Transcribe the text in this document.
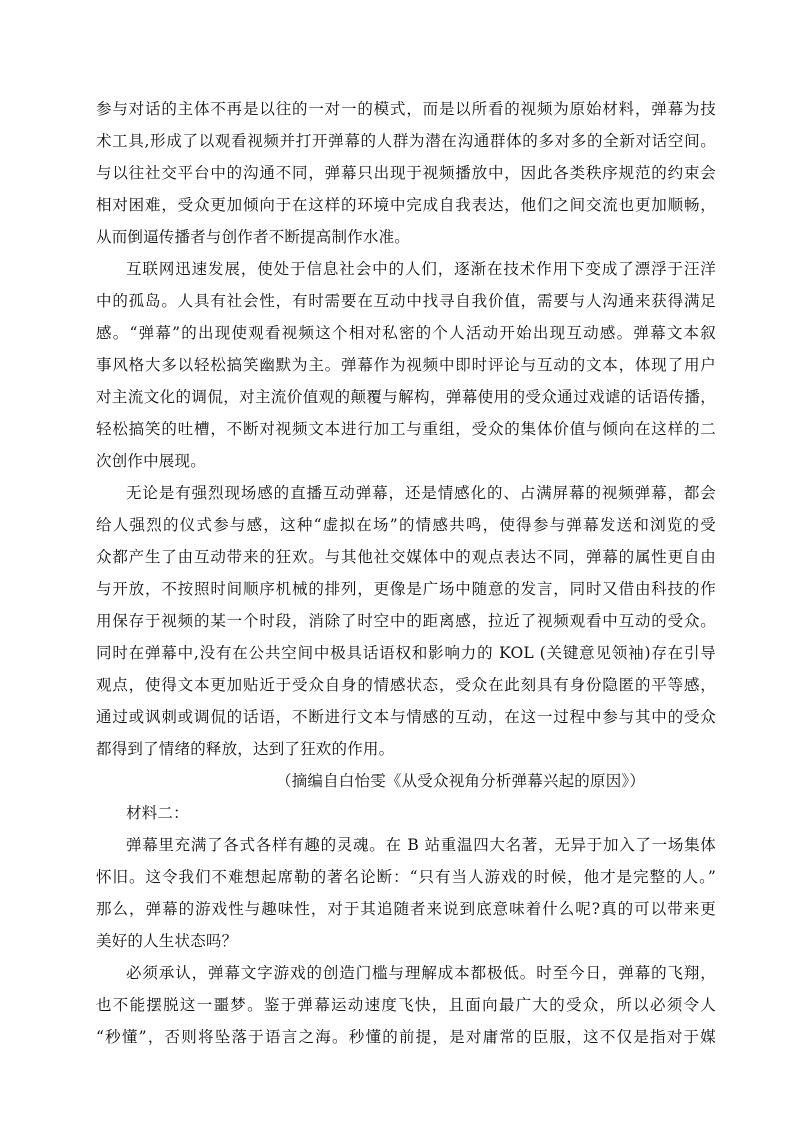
参与对话的主体不再是以往的一对一的模式，而是以所看的视频为原始材料，弹幕为技
术工具,形成了以观看视频并打开弹幕的人群为潜在沟通群体的多对多的全新对话空间。
与以往社交平台中的沟通不同，弹幕只出现于视频播放中，因此各类秩序规范的约束会
相对困难，受众更加倾向于在这样的环境中完成自我表达，他们之间交流也更加顺畅，
从而倒逼传播者与创作者不断提高制作水准。
互联网迅速发展，使处于信息社会中的人们，逐渐在技术作用下变成了漂浮于汪洋
中的孤岛。人具有社会性，有时需要在互动中找寻自我价值，需要与人沟通来获得满足
感。“弹幕”的出现使观看视频这个相对私密的个人活动开始出现互动感。弹幕文本叙
事风格大多以轻松搞笑幽默为主。弹幕作为视频中即时评论与互动的文本，体现了用户
对主流文化的调侃，对主流价值观的颠覆与解构，弹幕使用的受众通过戏谑的话语传播，
轻松搞笑的吐槽，不断对视频文本进行加工与重组，受众的集体价值与倾向在这样的二
次创作中展现。
无论是有强烈现场感的直播互动弹幕，还是情感化的、占满屏幕的视频弹幕，都会
给人强烈的仪式参与感，这种“虚拟在场”的情感共鸣，使得参与弹幕发送和浏览的受
众都产生了由互动带来的狂欢。与其他社交媒体中的观点表达不同，弹幕的属性更自由
与开放，不按照时间顺序机械的排列，更像是广场中随意的发言，同时又借由科技的作
用保存于视频的某一个时段，消除了时空中的距离感，拉近了视频观看中互动的受众。
同时在弹幕中,没有在公共空间中极具话语权和影响力的 KOL (关键意见领袖)存在引导
观点，使得文本更加贴近于受众自身的情感状态，受众在此刻具有身份隐匿的平等感，
通过或讽刺或调侃的话语，不断进行文本与情感的互动，在这一过程中参与其中的受众
都得到了情绪的释放，达到了狂欢的作用。
（摘编自白怡雯《从受众视角分析弹幕兴起的原因》）
材料二：
弹幕里充满了各式各样有趣的灵魂。在 B 站重温四大名著，无异于加入了一场集体
怀旧。这令我们不难想起席勒的著名论断：“只有当人游戏的时候，他才是完整的人。”
那么，弹幕的游戏性与趣味性，对于其追随者来说到底意味着什么呢?真的可以带来更
美好的人生状态吗？
必须承认，弹幕文字游戏的创造门槛与理解成本都极低。时至今日，弹幕的飞翔，
也不能摆脱这一噩梦。鉴于弹幕运动速度飞快，且面向最广大的受众，所以必须令人
“秒懂”，否则将坠落于语言之海。秒懂的前提，是对庸常的臣服，这不仅是指对于媒
